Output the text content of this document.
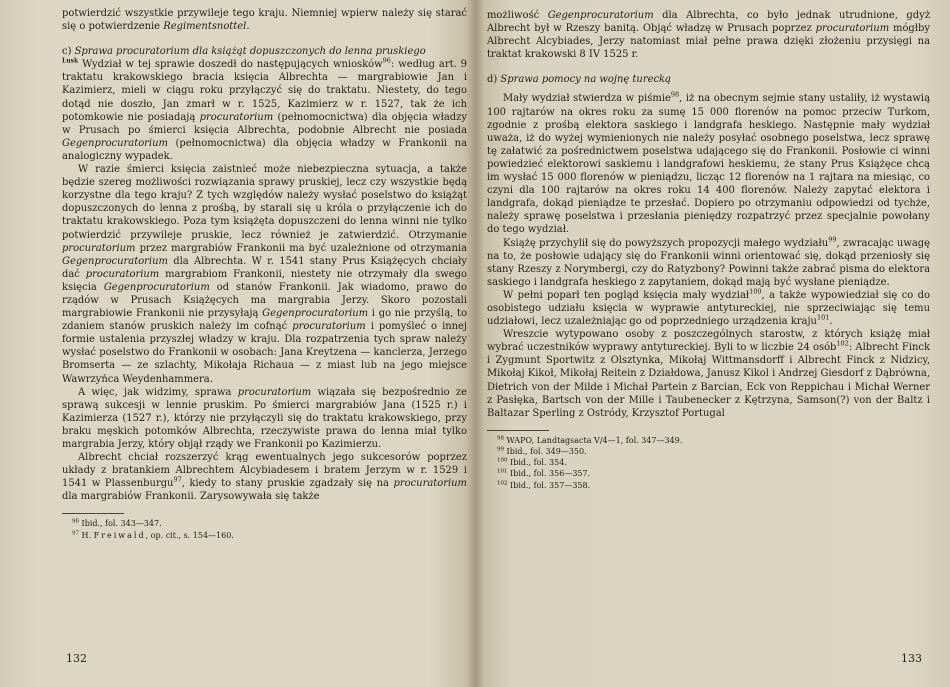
potwierdzić wszystkie przywileje tego kraju. Niemniej wpierw należy się starać się o potwierdzenie Regimentsnottel.

c) Sprawa procuratorium dla książąt dopuszczonych do lenna pruskiego

$^{Lusk}$ Wydział w tej sprawie doszedł do następujących wniosków$^{96}$: według art. 9 traktatu krakowskiego bracia księcia Albrechta — margrabiowie Jan i Kazimierz, mieli w ciągu roku przyłączyć się do traktatu. Niestety, do tego dotąd nie doszło, Jan zmarł w r. 1525, Kazimierz w r. 1527, tak że ich potomkowie nie posiadają procuratorium (pełnomocnictwa) dla objęcia władzy w Prusach po śmierci księcia Albrechta, podobnie Albrecht nie posiada Gegenprocuratorium (pełnomocnictwa) dla objęcia władzy w Frankonii na analogiczny wypadek.

W razie śmierci księcia zaistnieć może niebezpieczna sytuacja, a także będzie szereg możliwości rozwiązania sprawy pruskiej, lecz czy wszystkie będą korzystne dla tego kraju? Z tych względów należy wysłać poselstwo do książąt dopuszczonych do lenna z prośbą, by starali się u króla o przyłączenie ich do traktatu krakowskiego. Poza tym książęta dopuszczeni do lenna winni nie tylko potwierdzić przywileje pruskie, lecz również je zatwierdzić. Otrzymanie procuratorium przez margrabiów Frankonii ma być uzależnione od otrzymania Gegenprocuratorium dla Albrechta. W r. 1541 stany Prus Książęcych chciały dać procuratorium margrabiom Frankonii, niestety nie otrzymały dla swego księcia Gegenprocuratorium od stanów Frankonii. Jak wiadomo, prawo do rządów w Prusach Książęcych ma margrabia Jerzy. Skoro pozostali margrabiowie Frankonii nie przysyłają Gegenprocuratorium i go nie przyślą, to zdaniem stanów pruskich należy im cofnąć procuratorium i pomyśleć o innej formie ustalenia przyszłej władzy w kraju. Dla rozpatrzenia tych spraw należy wysłać poselstwo do Frankonii w osobach: Jana Kreytzena — kanclerza, Jerzego Bromserta — ze szlachty, Mikołaja Richaua — z miast lub na jego miejsce Wawrzyńca Weydenhammera.

A więc, jak widzimy, sprawa procuratorium wiązała się bezpośrednio ze sprawą sukcesji w lennie pruskim. Po śmierci margrabiów Jana (1525 r.) i Kazimierza (1527 r.), którzy nie przyłączyli się do traktatu krakowskiego, przy braku męskich potomków Albrechta, rzeczywiste prawa do lenna miał tylko margrabia Jerzy, który objął rządy we Frankonii po Kazimierzu.

Albrecht chciał rozszerzyć krąg ewentualnych jego sukcesorów poprzez układy z bratankiem Albrechtem Alcybiadesem i bratem Jerzym w r. 1529 i 1541 w Plassenburgu$^{97}$, kiedy to stany pruskie zgadzały się na procuratorium dla margrabiów Frankonii. Zarysowywała się także

$^{96}$ Ibid., fol. 343—347.

$^{97}$ H. Freiwald, op. cit., s. 154—160.

132

możliwość Gegenprocuratorium dla Albrechta, co było jednak utrudnione, gdyż Albrecht był w Rzeszy banitą. Objąć władzę w Prusach poprzez procuratorium mógłby Albrecht Alcybiades, Jerzy natomiast miał pełne prawa dzięki złożeniu przysięgi na traktat krakowski 8 IV 1525 r.

d) Sprawa pomocy na wojnę turecką

Mały wydział stwierdza w piśmie$^{98}$, iż na obecnym sejmie stany ustaliły, iż wystawią 100 rajtarów na okres roku za sumę 15 000 florenów na pomoc przeciw Turkom, zgodnie z prośbą elektora saskiego i landgrafa heskiego. Następnie mały wydział uważa, iż do wyżej wymienionych nie należy posyłać osobnego poselstwa, lecz sprawę tę załatwić za pośrednictwem poselstwa udającego się do Frankonii. Posłowie ci winni powiedzieć elektorowi saskiemu i landgrafowi heskiemu, że stany Prus Książęce chcą im wysłać 15 000 florenów w pieniądzu, licząc 12 florenów na 1 rajtara na miesiąc, co czyni dla 100 rajtarów na okres roku 14 400 florenów. Należy zapytać elektora i landgrafa, dokąd pieniądze te przesłać. Dopiero po otrzymaniu odpowiedzi od tychże, należy sprawę poselstwa i przesłania pieniędzy rozpatrzyć przez specjalnie powołany do tego wydział.

Książę przychylił się do powyższych propozycji małego wydziału$^{99}$, zwracając uwagę na to, że posłowie udający się do Frankonii winni orientować się, dokąd przeniosły się stany Rzeszy z Norymbergi, czy do Ratyzbony? Powinni także zabrać pisma do elektora saskiego i landgrafa heskiego z zapytaniem, dokąd mają być wysłane pieniądze.

W pełni poparł ten pogląd księcia mały wydział$^{100}$, a także wypowiedział się co do osobistego udziału księcia w wyprawie antytureckiej, nie sprzeciwiając się temu udziałowi, lecz uzależniając go od poprzedniego urządzenia kraju$^{101}$.

Wreszcie wytypowano osoby z poszczególnych starostw, z których książę miał wybrać uczestników wyprawy antytureckiej. Byli to w liczbie 24 osób$^{102}$: Albrecht Finck i Zygmunt Sportwitz z Olsztynka, Mikołaj Wittmansdorff i Albrecht Finck z Nidzicy, Mikołaj Kikoł, Mikołaj Reitein z Działdowa, Janusz Kikol i Andrzej Giesdorf z Dąbrówna, Dietrich von der Milde i Michał Partein z Barcian, Eck von Reppichau i Michał Werner z Pasłęka, Bartsch von der Mille i Taubenecker z Kętrzyna, Samson(?) von der Baltz i Baltazar Sperling z Ostródy, Krzysztof Portugal

$^{98}$ WAPO, Landtagsacta V/4—1, fol. 347—349.

$^{99}$ Ibid., fol. 349—350.

$^{100}$ Ibid., fol. 354.

$^{101}$ Ibid., fol. 356—357.

$^{102}$ Ibid., fol. 357—358.

133
